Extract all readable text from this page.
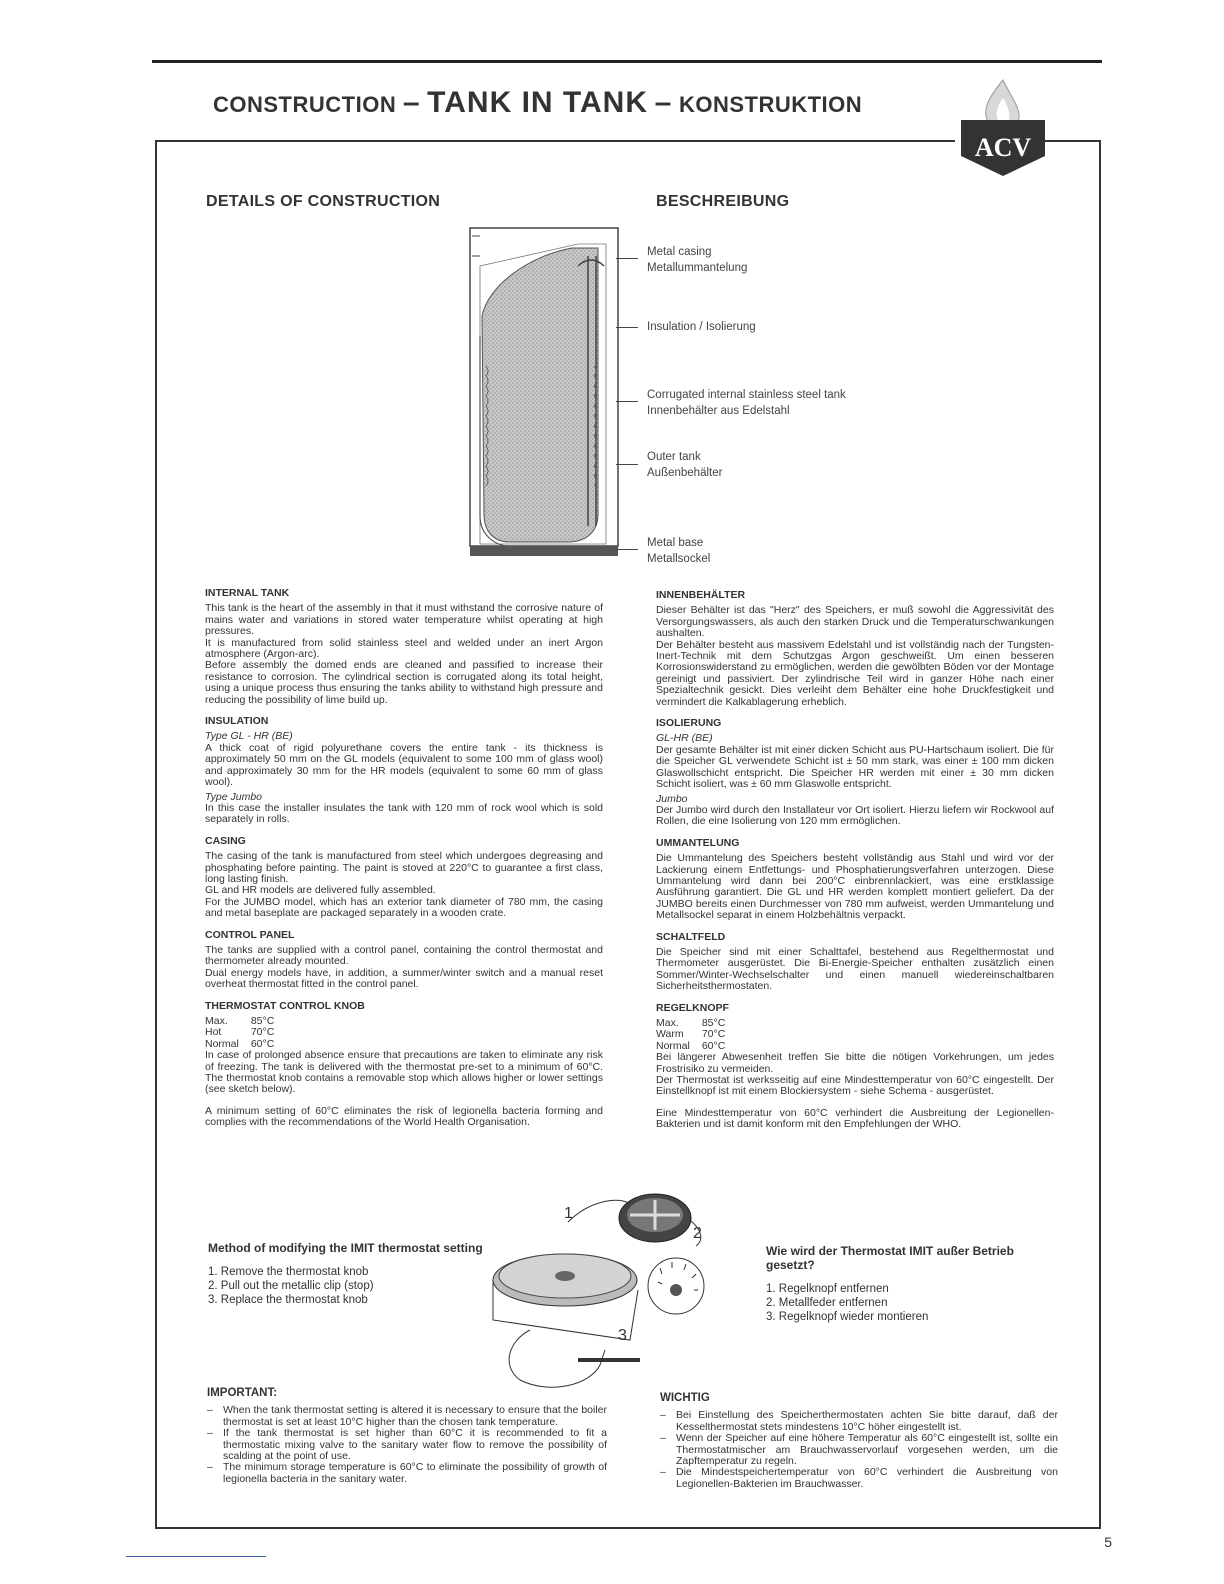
CONSTRUCTION – TANK IN TANK – KONSTRUKTION
ACV
DETAILS OF CONSTRUCTION	BESCHREIBUNG
Metal casing
Metallummantelung
Insulation / Isolierung
Corrugated internal stainless steel tank
Innenbehälter aus Edelstahl
Outer tank
Außenbehälter
Metal base
Metallsockel
INTERNAL TANK

This tank is the heart of the assembly in that it must withstand the corrosive nature of mains water and variations in stored water temperature whilst operating at high pressures.

It is manufactured from solid stainless steel and welded under an inert Argon atmosphere (Argon-arc).

Before assembly the domed ends are cleaned and passified to increase their resistance to corrosion. The cylindrical section is corrugated along its total height, using a unique process thus ensuring the tanks ability to withstand high pressure and reducing the possibility of lime build up.

INSULATION

Type GL - HR (BE)

A thick coat of rigid polyurethane covers the entire tank - its thickness is approximately 50 mm on the GL models (equivalent to some 100 mm of glass wool) and approximately 30 mm for the HR models (equivalent to some 60 mm of glass wool).

Type Jumbo

In this case the installer insulates the tank with 120 mm of rock wool which is sold separately in rolls.

CASING

The casing of the tank is manufactured from steel which undergoes degreasing and phosphating before painting. The paint is stoved at 220°C to guarantee a first class, long lasting finish.

GL and HR models are delivered fully assembled.

For the JUMBO model, which has an exterior tank diameter of 780 mm, the casing and metal baseplate are packaged separately in a wooden crate.

CONTROL PANEL

The tanks are supplied with a control panel, containing the control thermostat and thermometer already mounted.

Dual energy models have, in addition, a summer/winter switch and a manual reset overheat thermostat fitted in the control panel.

THERMOSTAT CONTROL KNOB
Max.	85°C
Hot	70°C
Normal	60°C

In case of prolonged absence ensure that precautions are taken to eliminate any risk of freezing. The tank is delivered with the thermostat pre-set to a minimum of 60°C. The thermostat knob contains a removable stop which allows higher or lower settings (see sketch below).

A minimum setting of 60°C eliminates the risk of legionella bacteria forming and complies with the recommendations of the World Health Organisation.

INNENBEHÄLTER

Dieser Behälter ist das "Herz" des Speichers, er muß sowohl die Aggressivität des Versorgungswassers, als auch den starken Druck und die Temperaturschwankungen aushalten.

Der Behälter besteht aus massivem Edelstahl und ist vollständig nach der Tungsten-Inert-Technik mit dem Schutzgas Argon geschweißt. Um einen besseren Korrosionswiderstand zu ermöglichen, werden die gewölbten Böden vor der Montage gereinigt und passiviert. Der zylindrische Teil wird in ganzer Höhe nach einer Spezialtechnik gesickt. Dies verleiht dem Behälter eine hohe Druckfestigkeit und vermindert die Kalkablagerung erheblich.

ISOLIERUNG

GL-HR (BE)

Der gesamte Behälter ist mit einer dicken Schicht aus PU-Hartschaum isoliert. Die für die Speicher GL verwendete Schicht ist ± 50 mm stark, was einer ± 100 mm dicken Glaswollschicht entspricht. Die Speicher HR werden mit einer ± 30 mm dicken Schicht isoliert, was ± 60 mm Glaswolle entspricht.

Jumbo

Der Jumbo wird durch den Installateur vor Ort isoliert. Hierzu liefern wir Rockwool auf Rollen, die eine Isolierung von 120 mm ermöglichen.

UMMANTELUNG

Die Ummantelung des Speichers besteht vollständig aus Stahl und wird vor der Lackierung einem Entfettungs- und Phosphatierungsverfahren unterzogen. Diese Ummantelung wird dann bei 200°C einbrennlackiert, was eine erstklassige Ausführung garantiert. Die GL und HR werden komplett montiert geliefert. Da der JUMBO bereits einen Durchmesser von 780 mm aufweist, werden Ummantelung und Metallsockel separat in einem Holzbehältnis verpackt.

SCHALTFELD

Die Speicher sind mit einer Schalttafel, bestehend aus Regelthermostat und Thermometer ausgerüstet. Die Bi-Energie-Speicher enthalten zusätzlich einen Sommer/Winter-Wechselschalter und einen manuell wiedereinschaltbaren Sicherheitsthermostaten.

REGELKNOPF
Max.	85°C
Warm	70°C
Normal	60°C

Bei längerer Abwesenheit treffen Sie bitte die nötigen Vorkehrungen, um jedes Frostrisiko zu vermeiden.

Der Thermostat ist werksseitig auf eine Mindesttemperatur von 60°C eingestellt. Der Einstellknopf ist mit einem Blockiersystem - siehe Schema - ausgerüstet.

Eine Mindesttemperatur von 60°C verhindert die Ausbreitung der Legionellen-Bakterien und ist damit konform mit den Empfehlungen der WHO.

Method of modifying the IMIT thermostat setting
1. Remove the thermostat knob
2. Pull out the metallic clip (stop)
3. Replace the thermostat knob
Wie wird der Thermostat IMIT außer Betrieb gesetzt?
1. Regelknopf entfernen
2. Metallfeder entfernen
3. Regelknopf wieder montieren
1
2
3
IMPORTANT:
– When the tank thermostat setting is altered it is necessary to ensure that the boiler thermostat is set at least 10°C higher than the chosen tank temperature.
– If the tank thermostat is set higher than 60°C it is recommended to fit a thermostatic mixing valve to the sanitary water flow to remove the possibility of scalding at the point of use.
– The minimum storage temperature is 60°C to eliminate the possibility of growth of legionella bacteria in the sanitary water.
WICHTIG
– Bei Einstellung des Speicherthermostaten achten Sie bitte darauf, daß der Kesselthermostat stets mindestens 10°C höher eingestellt ist.
– Wenn der Speicher auf eine höhere Temperatur als 60°C eingestellt ist, sollte ein Thermostatmischer am Brauchwasservorlauf vorgesehen werden, um die Zapftemperatur zu regeln.
– Die Mindestspeichertemperatur von 60°C verhindert die Ausbreitung von Legionellen-Bakterien im Brauchwasser.
5
